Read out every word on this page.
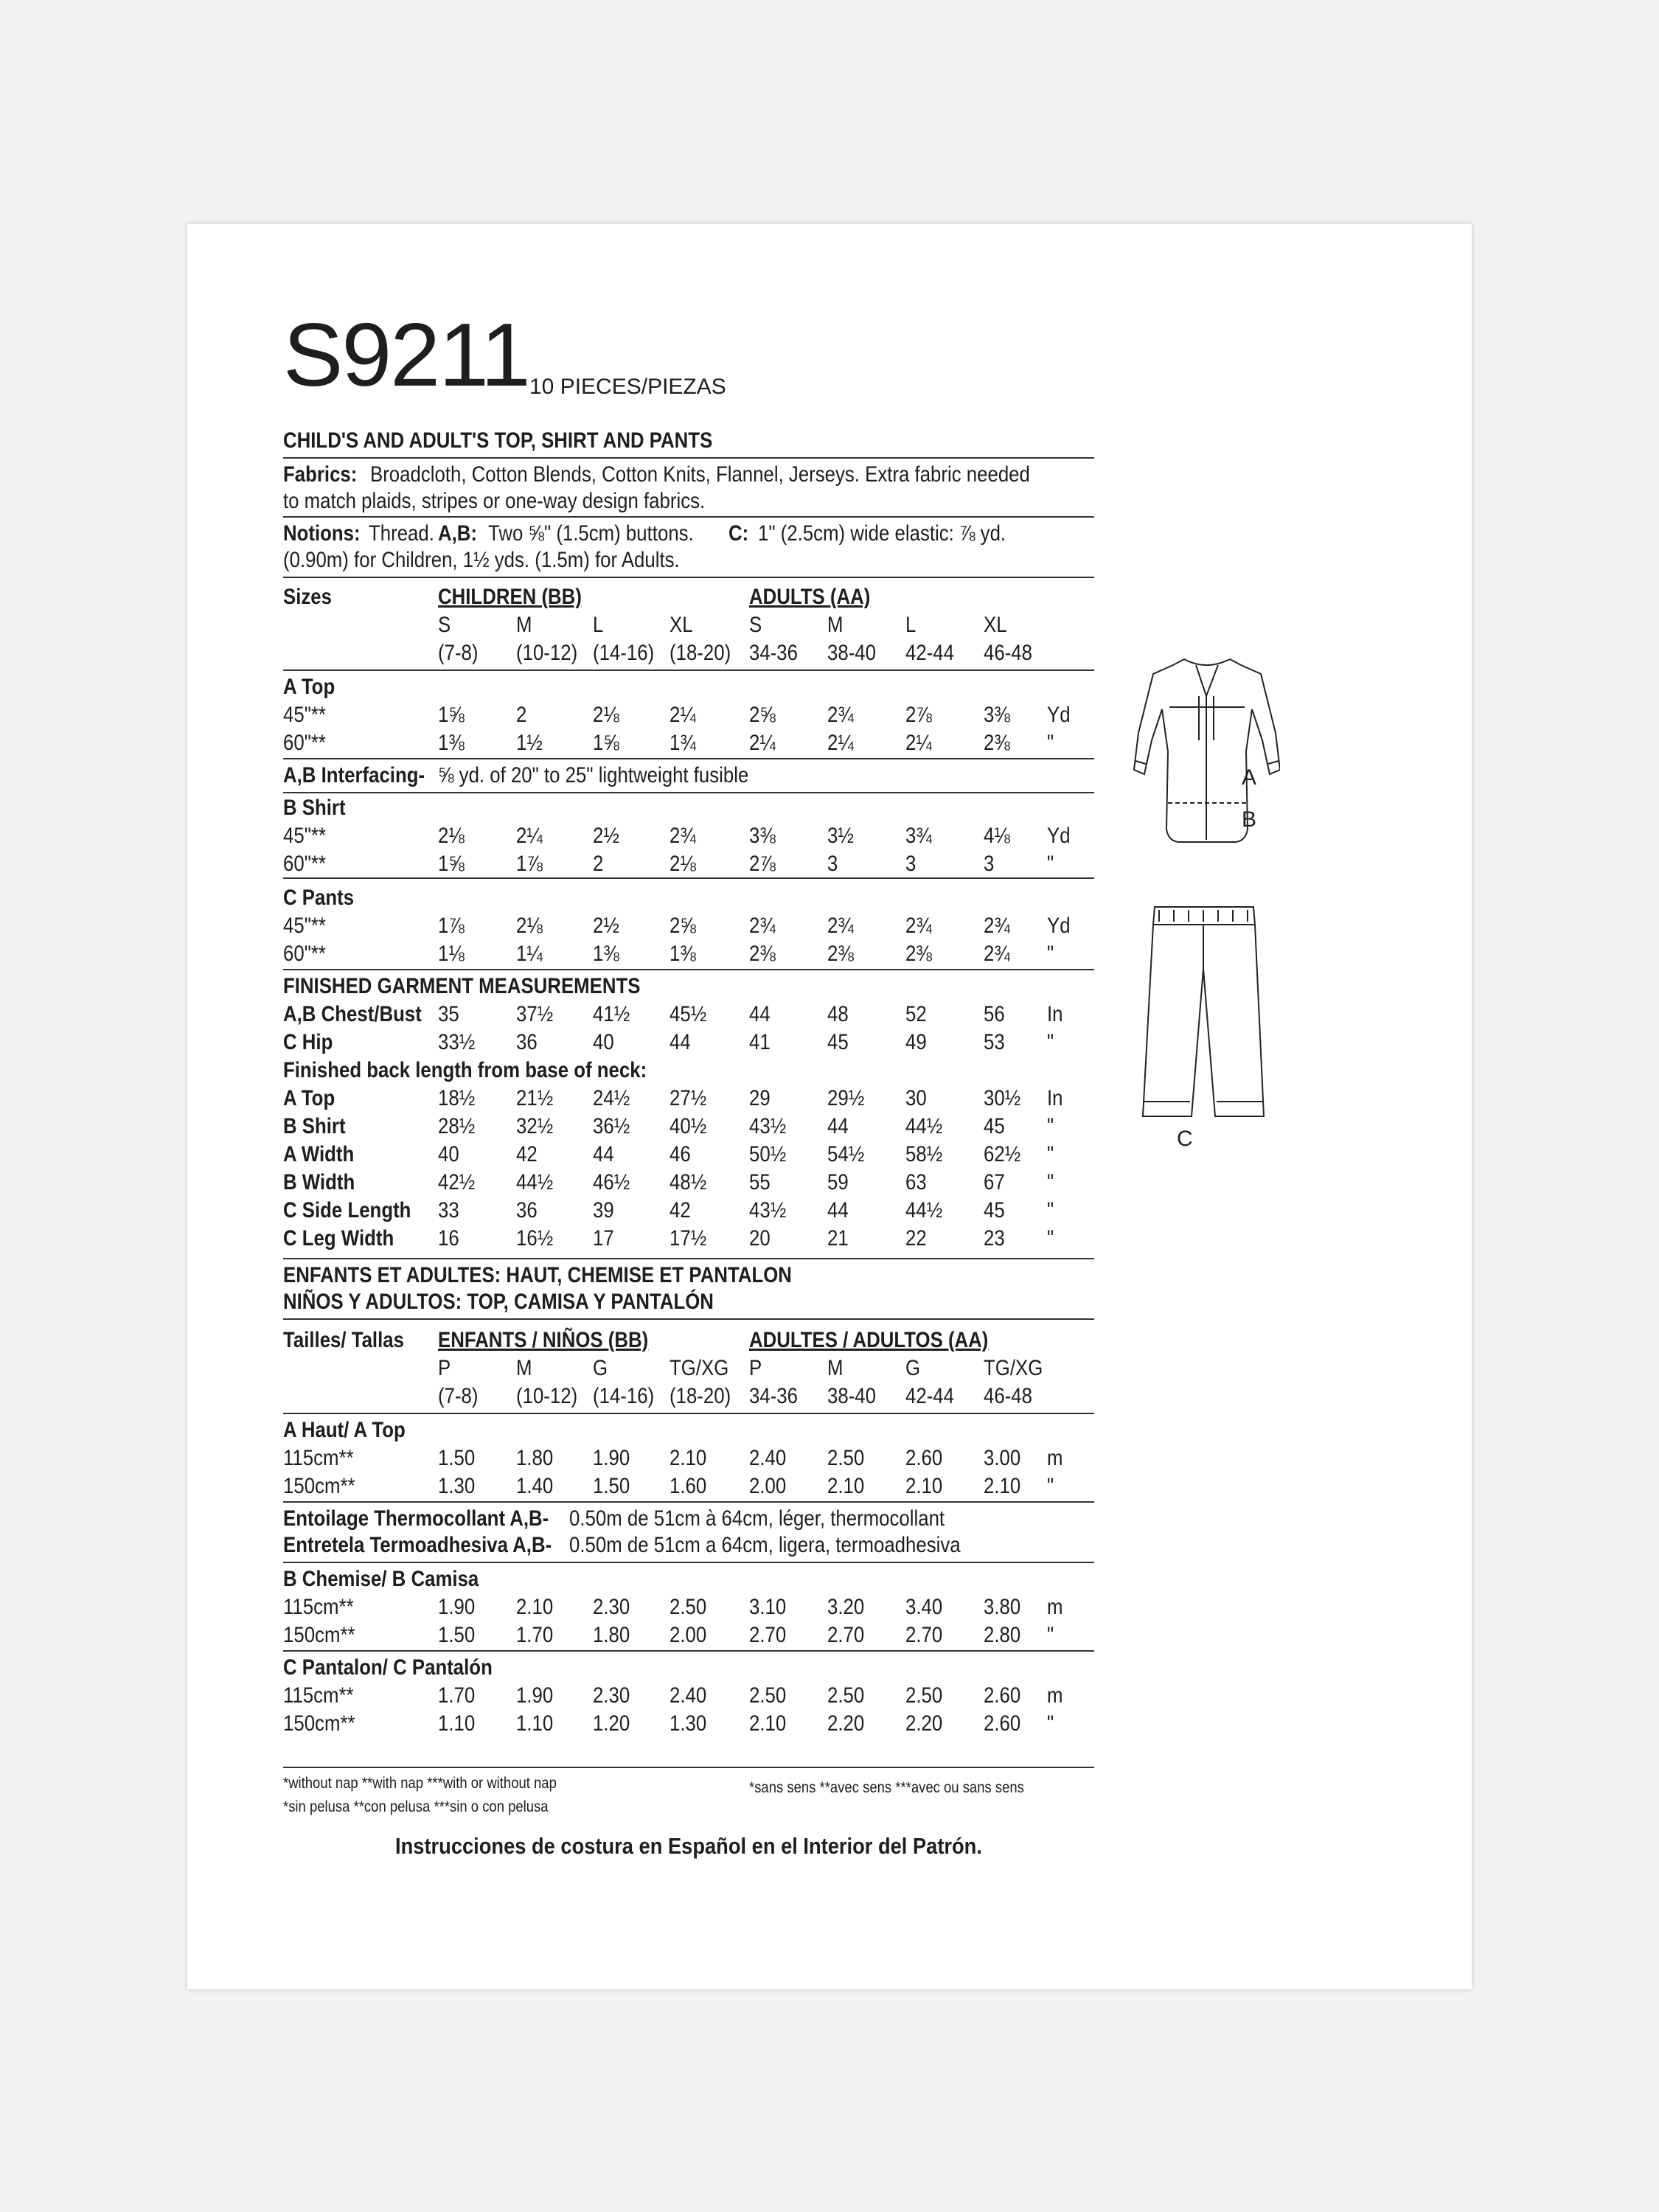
S9211 10 PIECES/PIEZAS
CHILD'S AND ADULT'S TOP, SHIRT AND PANTS
Fabrics: Broadcloth, Cotton Blends, Cotton Knits, Flannel, Jerseys. Extra fabric needed
to match plaids, stripes or one-way design fabrics.
Notions: Thread. A,B: Two ⅝" (1.5cm) buttons. C: 1" (2.5cm) wide elastic: ⅞ yd.
(0.90m) for Children, 1½ yds. (1.5m) for Adults.
Sizes	CHILDREN (BB)	ADULTS (AA)
S	M	L	XL	S	M	L	XL
(7-8) (10-12) (14-16) (18-20) 34-36 38-40 42-44 46-48
A Top
45"**	1⅝ 2	2⅛ 2¼ 2⅝ 2¾ 2⅞ 3⅜ Yd
60"**	1⅜ 1½ 1⅝ 1¾ 2¼ 2¼ 2¼ 2⅜ "
A,B Interfacing- ⅝ yd. of 20" to 25" lightweight fusible
B Shirt
45"**	2⅛ 2¼ 2½ 2¾ 3⅜ 3½ 3¾ 4⅛ Yd
60"**	1⅝ 1⅞ 2	2⅛ 2⅞ 3	3	3 "
C Pants
45"**	1⅞ 2⅛ 2½ 2⅝ 2¾ 2¾ 2¾ 2¾ Yd
60"**	1⅛ 1¼ 1⅜ 1⅜ 2⅜ 2⅜ 2⅜ 2¾ "
FINISHED GARMENT MEASUREMENTS
A,B Chest/Bust 35	37½ 41½ 45½ 44	48	52	56 In
C Hip	33½ 36	40	44	41	45	49	53 "
Finished back length from base of neck:
A Top	18½ 21½ 24½ 27½ 29	29½ 30	30½ In
B Shirt	28½ 32½ 36½ 40½ 43½ 44	44½ 45 "
A Width	40	42	44	46	50½ 54½ 58½ 62½ "
B Width	42½ 44½ 46½ 48½ 55	59	63	67 "
C Side Length 33	36	39	42	43½ 44	44½ 45 "
C Leg Width 16	16½ 17	17½ 20	21	22	23 "
ENFANTS ET ADULTES: HAUT, CHEMISE ET PANTALON
NIÑOS Y ADULTOS: TOP, CAMISA Y PANTALÓN
Tailles/ Tallas ENFANTS / NIÑOS (BB)	ADULTES / ADULTOS (AA)
P	M	G	TG/XG P	M	G	TG/XG
(7-8) (10-12) (14-16) (18-20) 34-36 38-40 42-44 46-48
A Haut/ A Top
115cm**	1.50 1.80 1.90 2.10 2.40 2.50 2.60 3.00 m
150cm**	1.30 1.40 1.50 1.60 2.00 2.10 2.10 2.10 "
Entoilage Thermocollant A,B- 0.50m de 51cm à 64cm, léger, thermocollant
Entretela Termoadhesiva A,B- 0.50m de 51cm a 64cm, ligera, termoadhesiva
B Chemise/ B Camisa
115cm**	1.90 2.10 2.30 2.50 3.10 3.20 3.40 3.80 m
150cm**	1.50 1.70 1.80 2.00 2.70 2.70 2.70 2.80 "
C Pantalon/ C Pantalón
115cm**	1.70 1.90 2.30 2.40 2.50 2.50 2.50 2.60 m
150cm**	1.10 1.10 1.20 1.30 2.10 2.20 2.20 2.60 "
*without nap **with nap ***with or without nap
*sin pelusa **con pelusa ***sin o con pelusa
*sans sens **avec sens ***avec ou sans sens
Instrucciones de costura en Español en el Interior del Patrón.
A
B
C
